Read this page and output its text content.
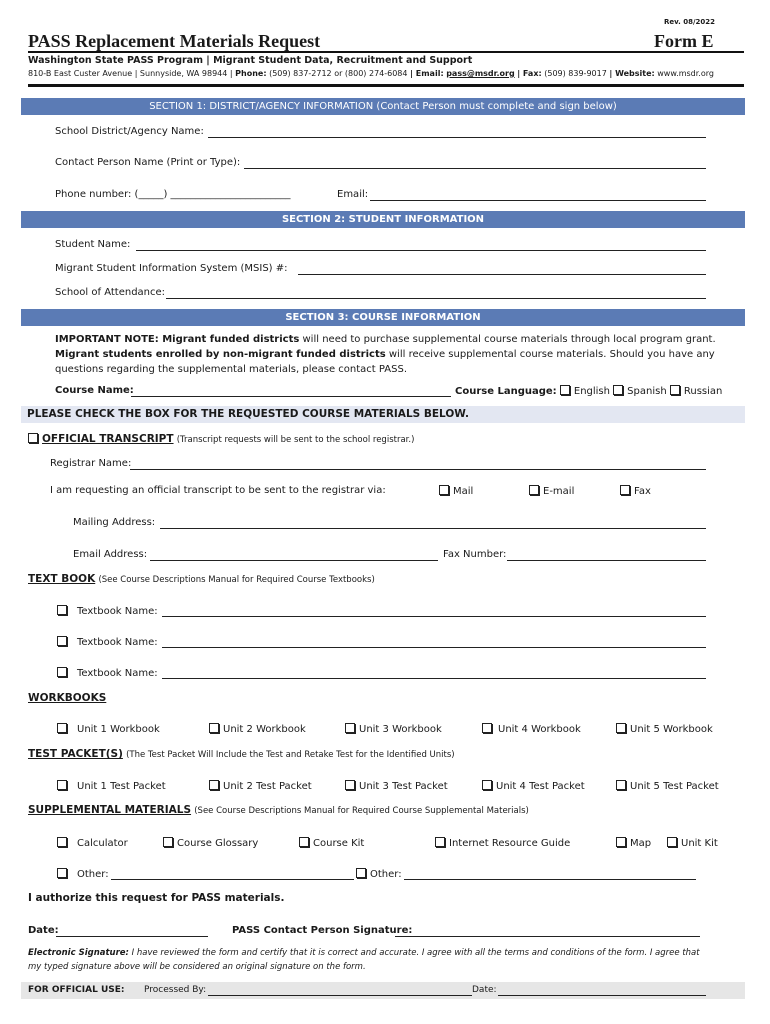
Rev. 08/2022
PASS Replacement Materials Request	Form E
Washington State PASS Program | Migrant Student Data, Recruitment and Support
810-B East Custer Avenue | Sunnyside, WA 98944 | Phone: (509) 837-2712 or (800) 274-6084 | Email: pass@msdr.org | Fax: (509) 839-9017 | Website: www.msdr.org
SECTION 1: DISTRICT/AGENCY INFORMATION (Contact Person must complete and sign below)
School District/Agency Name:
Contact Person Name (Print or Type):
Phone number: (_____) ________________________	Email:
SECTION 2: STUDENT INFORMATION
Student Name:
Migrant Student Information System (MSIS) #:
School of Attendance:
SECTION 3: COURSE INFORMATION
IMPORTANT NOTE: Migrant funded districts will need to purchase supplemental course materials through local program grant.
Migrant students enrolled by non-migrant funded districts will receive supplemental course materials. Should you have any
questions regarding the supplemental materials, please contact PASS.
Course Name:	Course Language: English Spanish Russian
PLEASE CHECK THE BOX FOR THE REQUESTED COURSE MATERIALS BELOW.
OFFICIAL TRANSCRIPT (Transcript requests will be sent to the school registrar.)
Registrar Name:
I am requesting an official transcript to be sent to the registrar via:	Mail	E-mail	Fax
Mailing Address:
Email Address:	Fax Number:
TEXT BOOK (See Course Descriptions Manual for Required Course Textbooks)
Textbook Name:
Textbook Name:
Textbook Name:
WORKBOOKS
Unit 1 Workbook	Unit 2 Workbook	Unit 3 Workbook	Unit 4 Workbook	Unit 5 Workbook
TEST PACKET(S) (The Test Packet Will Include the Test and Retake Test for the Identified Units)
Unit 1 Test Packet	Unit 2 Test Packet	Unit 3 Test Packet	Unit 4 Test Packet	Unit 5 Test Packet
SUPPLEMENTAL MATERIALS (See Course Descriptions Manual for Required Course Supplemental Materials)
Calculator	Course Glossary	Course Kit	Internet Resource Guide	Map	Unit Kit
Other:	Other:
I authorize this request for PASS materials.
Date:	PASS Contact Person Signature:
Electronic Signature: I have reviewed the form and certify that it is correct and accurate. I agree with all the terms and conditions of the form. I agree that
my typed signature above will be considered an original signature on the form.
FOR OFFICIAL USE: Processed By:	Date:
